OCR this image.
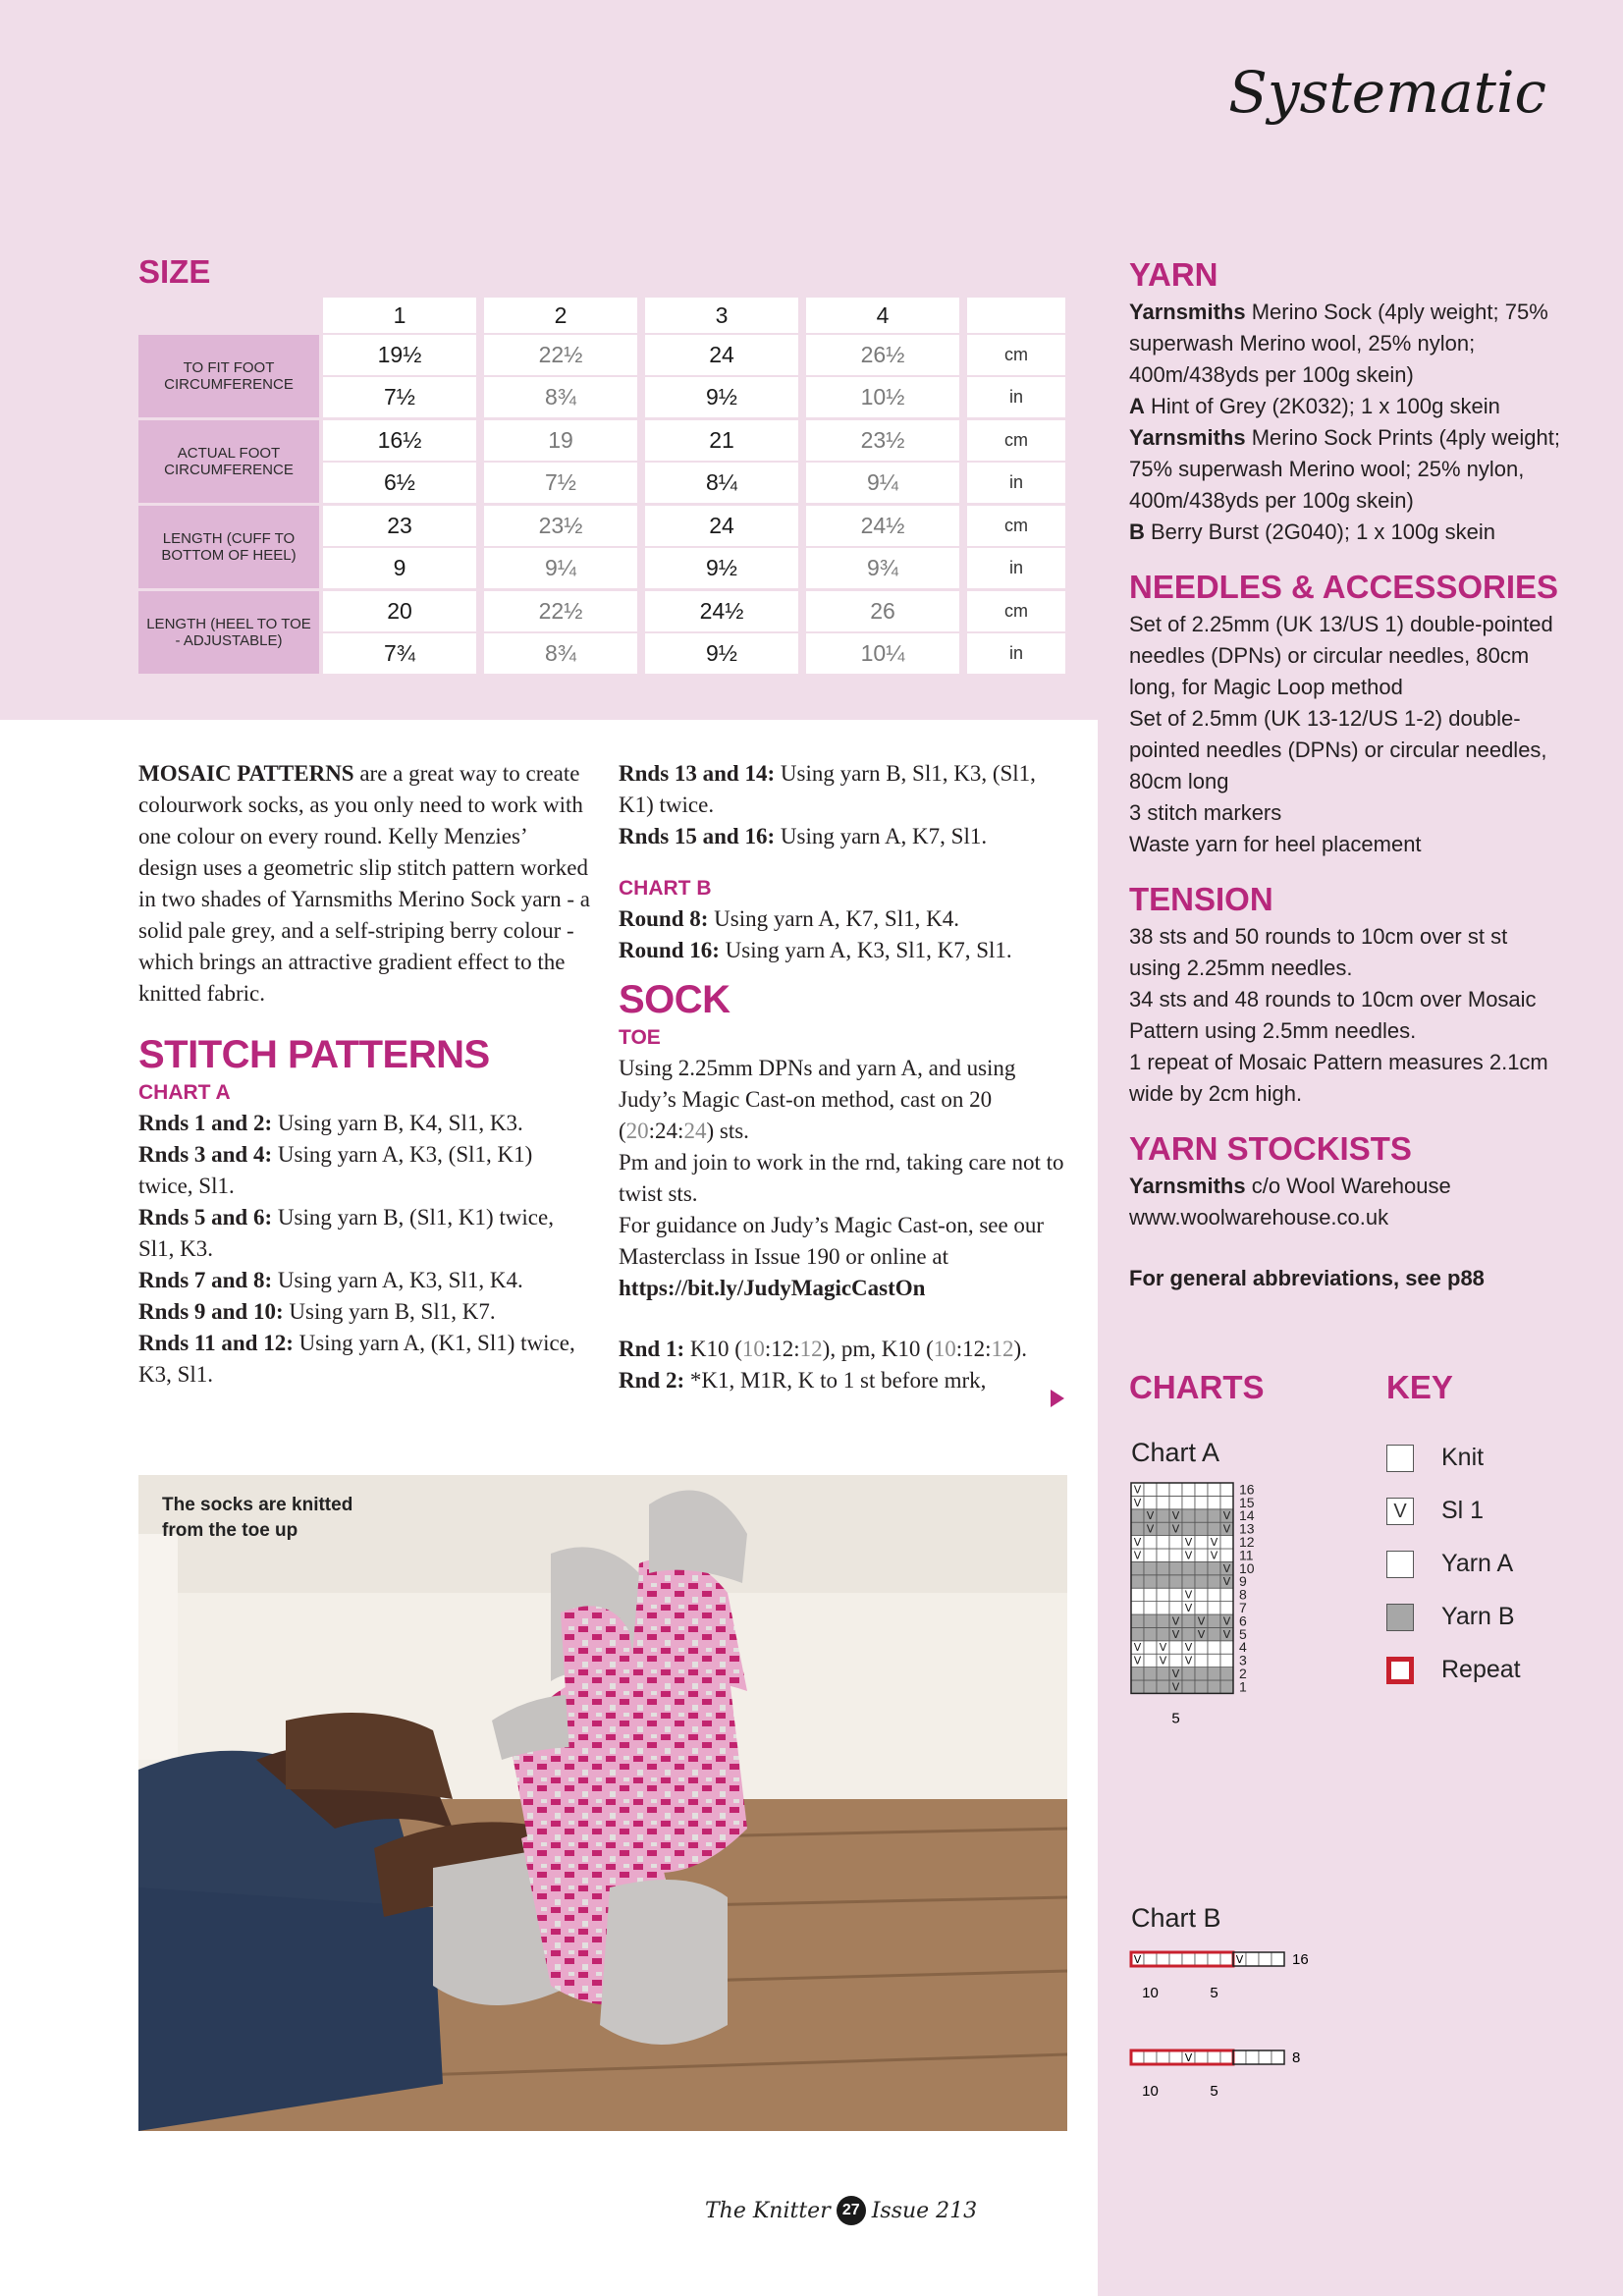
Systematic
SIZE
1	2	3	4
TO FIT FOOT CIRCUMFERENCE
19½	22½	24	26½	cm
7½	8¾	9½	10½	in
ACTUAL FOOT CIRCUMFERENCE
16½	19	21	23½	cm
6½	7½	8¼	9¼	in
LENGTH (CUFF TO BOTTOM OF HEEL)
23	23½	24	24½	cm
9	9¼	9½	9¾	in
LENGTH (HEEL TO TOE - ADJUSTABLE)
20	22½	24½	26	cm
7¾	8¾	9½	10¼	in

MOSAIC PATTERNS are a great way to create colourwork socks, as you only need to work with one colour on every round. Kelly Menzies’ design uses a geometric slip stitch pattern worked in two shades of Yarnsmiths Merino Sock yarn - a solid pale grey, and a self-striping berry colour - which brings an attractive gradient effect to the knitted fabric.

STITCH PATTERNS
CHART A

Rnds 1 and 2: Using yarn B, K4, Sl1, K3.

Rnds 3 and 4: Using yarn A, K3, (Sl1, K1) twice, Sl1.

Rnds 5 and 6: Using yarn B, (Sl1, K1) twice, Sl1, K3.

Rnds 7 and 8: Using yarn A, K3, Sl1, K4.

Rnds 9 and 10: Using yarn B, Sl1, K7.

Rnds 11 and 12: Using yarn A, (K1, Sl1) twice, K3, Sl1.

Rnds 13 and 14: Using yarn B, Sl1, K3, (Sl1, K1) twice.

Rnds 15 and 16: Using yarn A, K7, Sl1.

CHART B

Round 8: Using yarn A, K7, Sl1, K4.

Round 16: Using yarn A, K3, Sl1, K7, Sl1.

SOCK
TOE

Using 2.25mm DPNs and yarn A, and using Judy’s Magic Cast-on method, cast on 20 (20:24:24) sts.

Pm and join to work in the rnd, taking care not to twist sts.

For guidance on Judy’s Magic Cast-on, see our Masterclass in Issue 190 or online at https://bit.ly/JudyMagicCastOn

Rnd 1: K10 (10:12:12), pm, K10 (10:12:12).

Rnd 2: *K1, M1R, K to 1 st before mrk,

The socks are knitted
from the toe up
YARN
Yarnsmiths Merino Sock (4ply weight; 75% superwash Merino wool, 25% nylon; 400m/438yds per 100g skein)
A Hint of Grey (2K032); 1 x 100g skein
Yarnsmiths Merino Sock Prints (4ply weight; 75% superwash Merino wool; 25% nylon, 400m/438yds per 100g skein)
B Berry Burst (2G040); 1 x 100g skein
NEEDLES & ACCESSORIES
Set of 2.25mm (UK 13/US 1) double-pointed needles (DPNs) or circular needles, 80cm long, for Magic Loop method
Set of 2.5mm (UK 13-12/US 1-2) double-pointed needles (DPNs) or circular needles, 80cm long
3 stitch markers
Waste yarn for heel placement
TENSION
38 sts and 50 rounds to 10cm over st st using 2.25mm needles.
34 sts and 48 rounds to 10cm over Mosaic Pattern using 2.5mm needles.
1 repeat of Mosaic Pattern measures 2.1cm wide by 2cm high.
YARN STOCKISTS
Yarnsmiths c/o Wool Warehouse
www.woolwarehouse.co.uk
For general abbreviations, see p88
CHARTS	KEY
Chart A
V	1
V	2
V V V	3
V V V	4
V V V 5
V V V 6
V	7
V	8
V 9
V 10
V	V V 11
V	V V 12
V V	V 13
V V	V 14
V	15
V	16
5
Chart B
V	V	16
10	5
V	8
10	5
Knit
V Sl 1
Yarn A
Yarn B
Repeat
The Knitter 27 Issue 213
